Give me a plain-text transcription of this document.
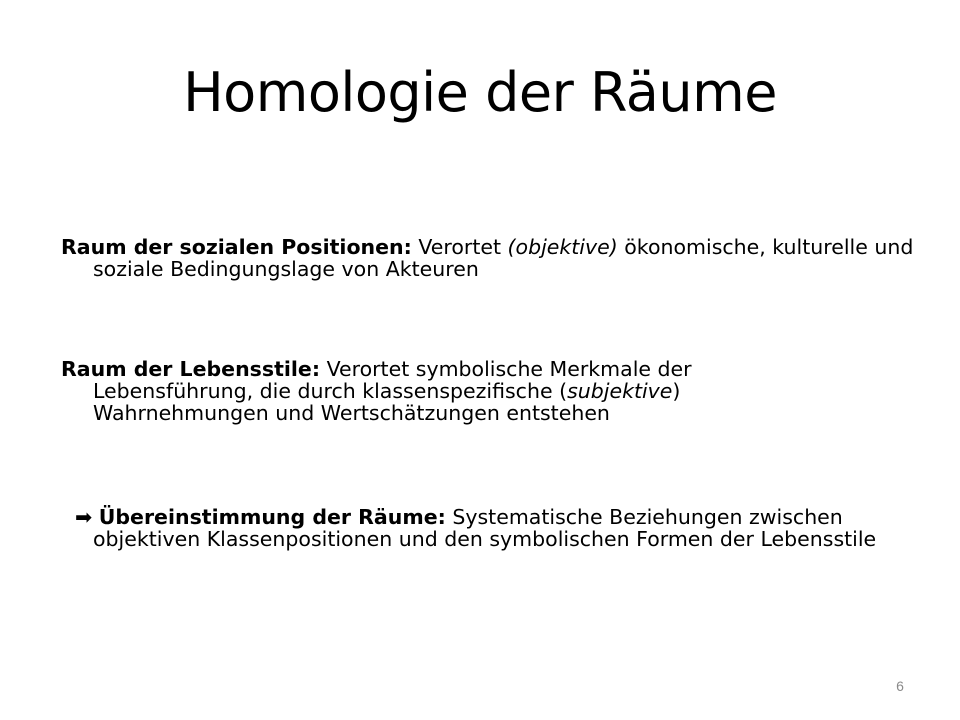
Homologie der Räume
Raum der sozialen Positionen: Verortet (objektive) ökonomische, kulturelle und soziale Bedingungslage von Akteuren
Raum der Lebensstile: Verortet symbolische Merkmale der Lebensführung, die durch klassenspezifische (subjektive) Wahrnehmungen und Wertschätzungen entstehen
➡ Übereinstimmung der Räume: Systematische Beziehungen zwischen objektiven Klassenpositionen und den symbolischen Formen der Lebensstile
6
